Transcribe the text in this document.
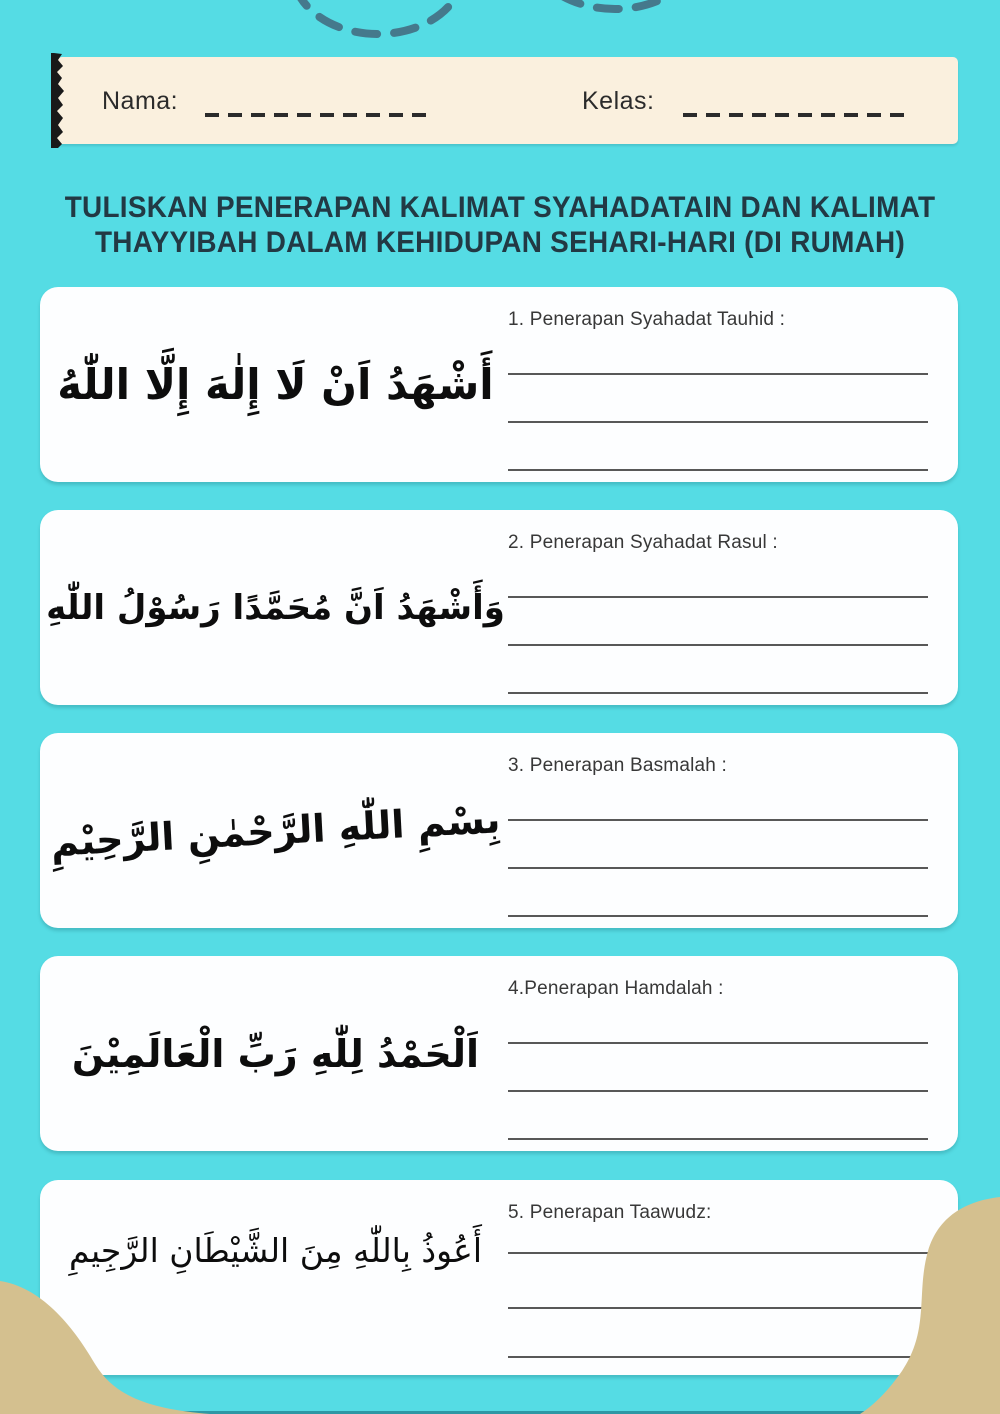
Nama:	Kelas:
TULISKAN PENERAPAN KALIMAT SYAHADATAIN DAN KALIMAT
THAYYIBAH DALAM KEHIDUPAN SEHARI-HARI (DI RUMAH)
أَشْهَدُ اَنْ لَا إِلٰهَ إِلَّا اللّٰهُ
1. Penerapan Syahadat Tauhid :
وَأَشْهَدُ اَنَّ مُحَمَّدًا رَسُوْلُ اللّٰهِ
2. Penerapan Syahadat Rasul :
بِسْمِ اللّٰهِ الرَّحْمٰنِ الرَّحِيْمِ
3. Penerapan Basmalah :
اَلْحَمْدُ لِلّٰهِ رَبِّ الْعَالَمِيْنَ
4.Penerapan Hamdalah :
أَعُوذُ بِاللّٰهِ مِنَ الشَّيْطَانِ الرَّجِيمِ
5. Penerapan Taawudz:
